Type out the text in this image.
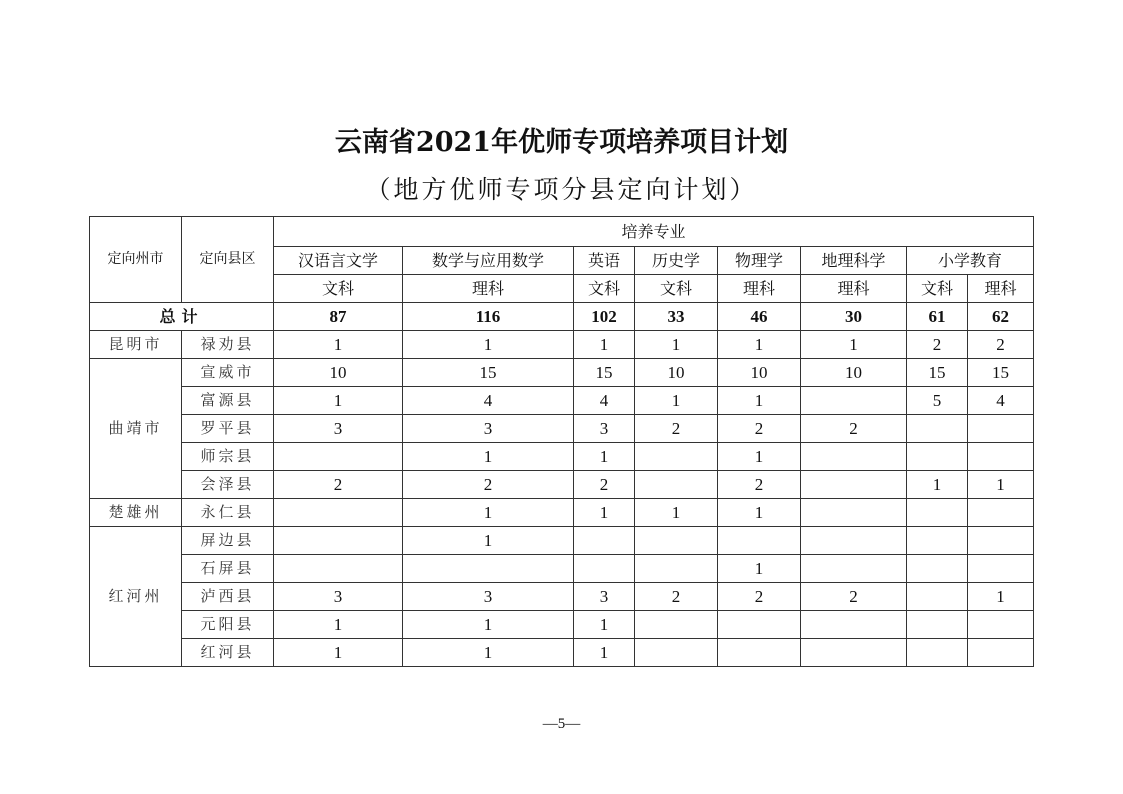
云南省2021年优师专项培养项目计划
（地方优师专项分县定向计划）
定向州市	定向县区	培养专业							
		汉语言文学	数学与应用数学	英语	历史学	物理学	地理科学	小学教育	
		文科	理科	文科	文科	理科	理科	文科	理科
总计		87	116	102	33	46	30	61	62
昆明市	禄劝县	1	1	1	1	1	1	2	2
曲靖市	宣威市	10	15	15	10	10	10	15	15
	富源县	1	4	4	1	1		5	4
	罗平县	3	3	3	2	2	2		
	师宗县		1	1		1			
	会泽县	2	2	2		2		1	1
楚雄州	永仁县		1	1	1	1			
红河州	屏边县		1						
	石屏县					1			
	泸西县	3	3	3	2	2	2		1
	元阳县	1	1	1					
	红河县	1	1	1					
—5—
